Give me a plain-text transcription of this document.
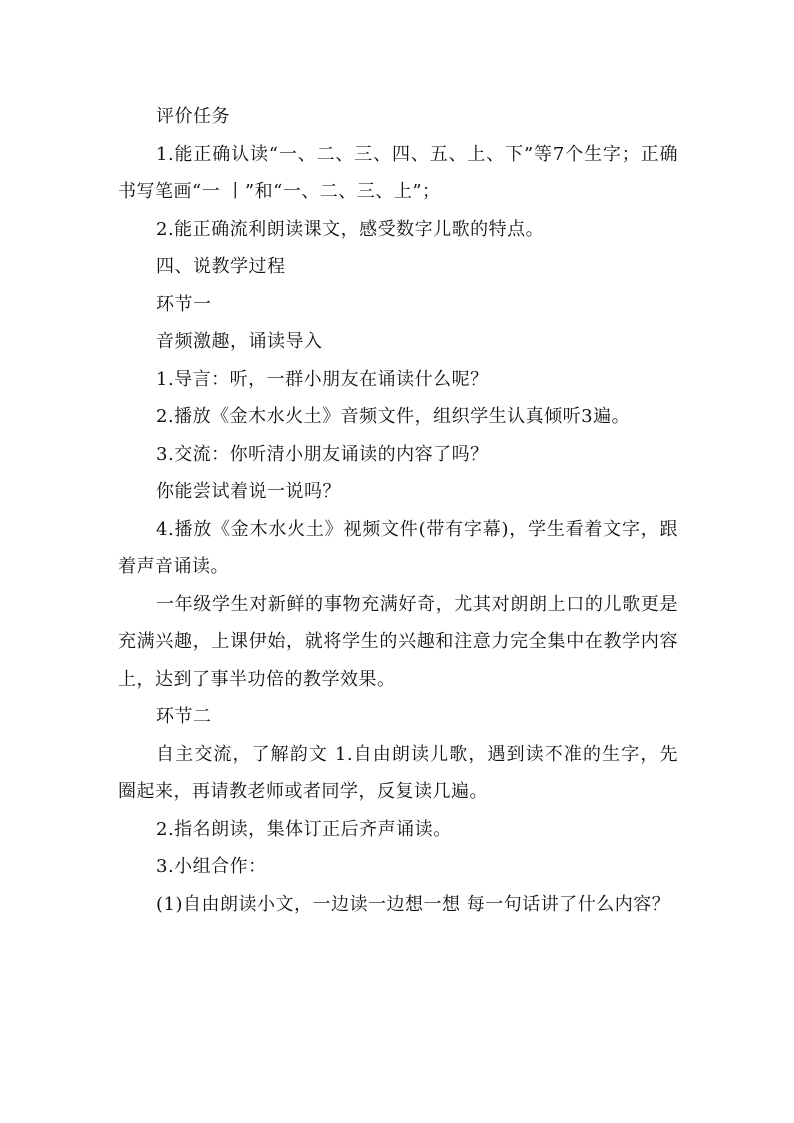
评价任务

1.能正确认读“一、二、三、四、五、上、下”等7个生字；正确书写笔画“一 丨”和“一、二、三、上”；

2.能正确流利朗读课文，感受数字儿歌的特点。

四、说教学过程

环节一

音频激趣，诵读导入

1.导言：听，一群小朋友在诵读什么呢？

2.播放《金木水火土》音频文件，组织学生认真倾听3遍。

3.交流：你听清小朋友诵读的内容了吗？

你能尝试着说一说吗？

4.播放《金木水火土》视频文件(带有字幕)，学生看着文字，跟着声音诵读。

一年级学生对新鲜的事物充满好奇，尤其对朗朗上口的儿歌更是充满兴趣，上课伊始，就将学生的兴趣和注意力完全集中在教学内容上，达到了事半功倍的教学效果。

环节二

自主交流，了解韵文 1.自由朗读儿歌，遇到读不准的生字，先圈起来，再请教老师或者同学，反复读几遍。

2.指名朗读，集体订正后齐声诵读。

3.小组合作：

(1)自由朗读小文，一边读一边想一想 每一句话讲了什么内容？
